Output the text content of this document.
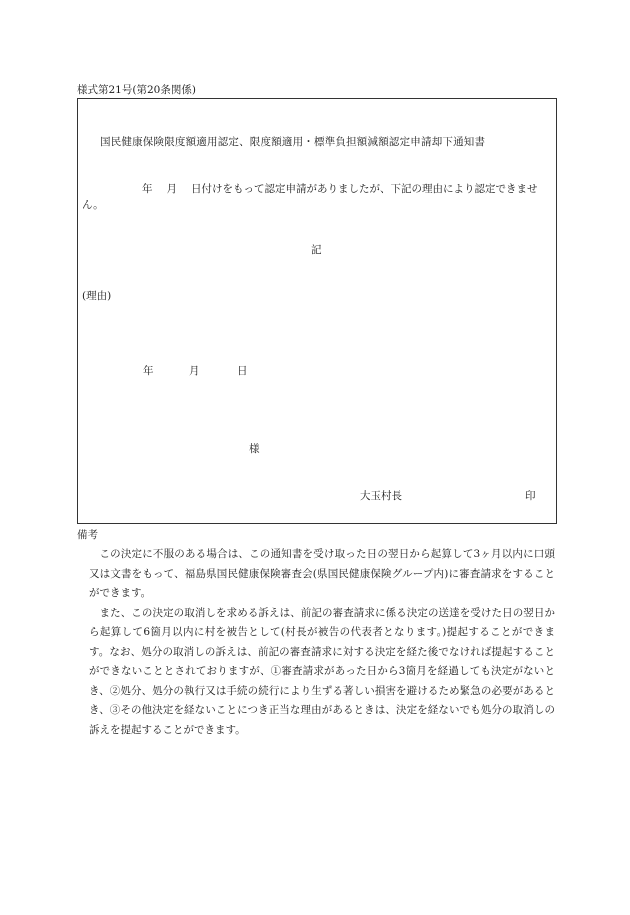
様式第21号(第20条関係)
国民健康保険限度額適用認定、限度額適用・標準負担額減額認定申請却下通知書
年 月 日付けをもって認定申請がありましたが、下記の理由により認定できません。
記
(理由)
年	月	日
様
大玉村長	印
備考

この決定に不服のある場合は、この通知書を受け取った日の翌日から起算して3ヶ月以内に口頭又は文書をもって、福島県国民健康保険審査会(県国民健康保険グループ内)に審査請求をすることができます。

また、この決定の取消しを求める訴えは、前記の審査請求に係る決定の送達を受けた日の翌日から起算して6箇月以内に村を被告として(村長が被告の代表者となります。)提起することができます。なお、処分の取消しの訴えは、前記の審査請求に対する決定を経た後でなければ提起することができないこととされておりますが、①審査請求があった日から3箇月を経過しても決定がないとき、②処分、処分の執行又は手続の続行により生ずる著しい損害を避けるため緊急の必要があるとき、③その他決定を経ないことにつき正当な理由があるときは、決定を経ないでも処分の取消しの訴えを提起することができます。
